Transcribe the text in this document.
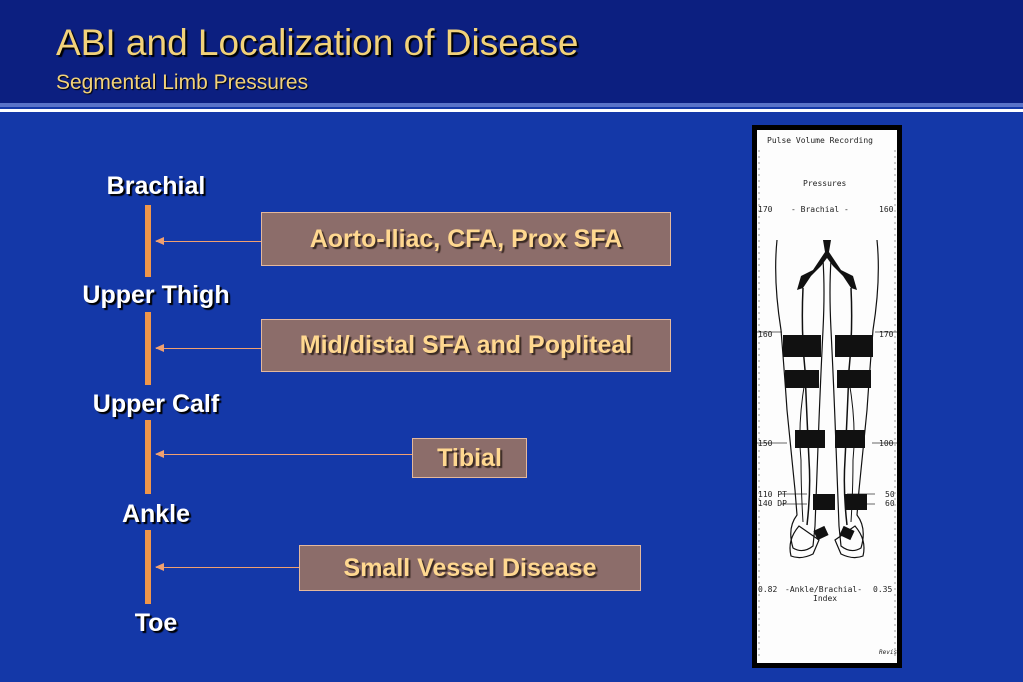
ABI and Localization of Disease
Segmental Limb Pressures
Brachial
Upper Thigh
Upper Calf
Ankle
Toe
Aorto-Iliac, CFA, Prox SFA
Mid/distal SFA and Popliteal
Tibial
Small Vessel Disease
Pulse Volume Recording
Pressures
170 - Brachial -	160
160	170
150	100
110 PT	50
140 DP	60
0.82 -Ankle/Brachial- 0.35
Index
Revis
